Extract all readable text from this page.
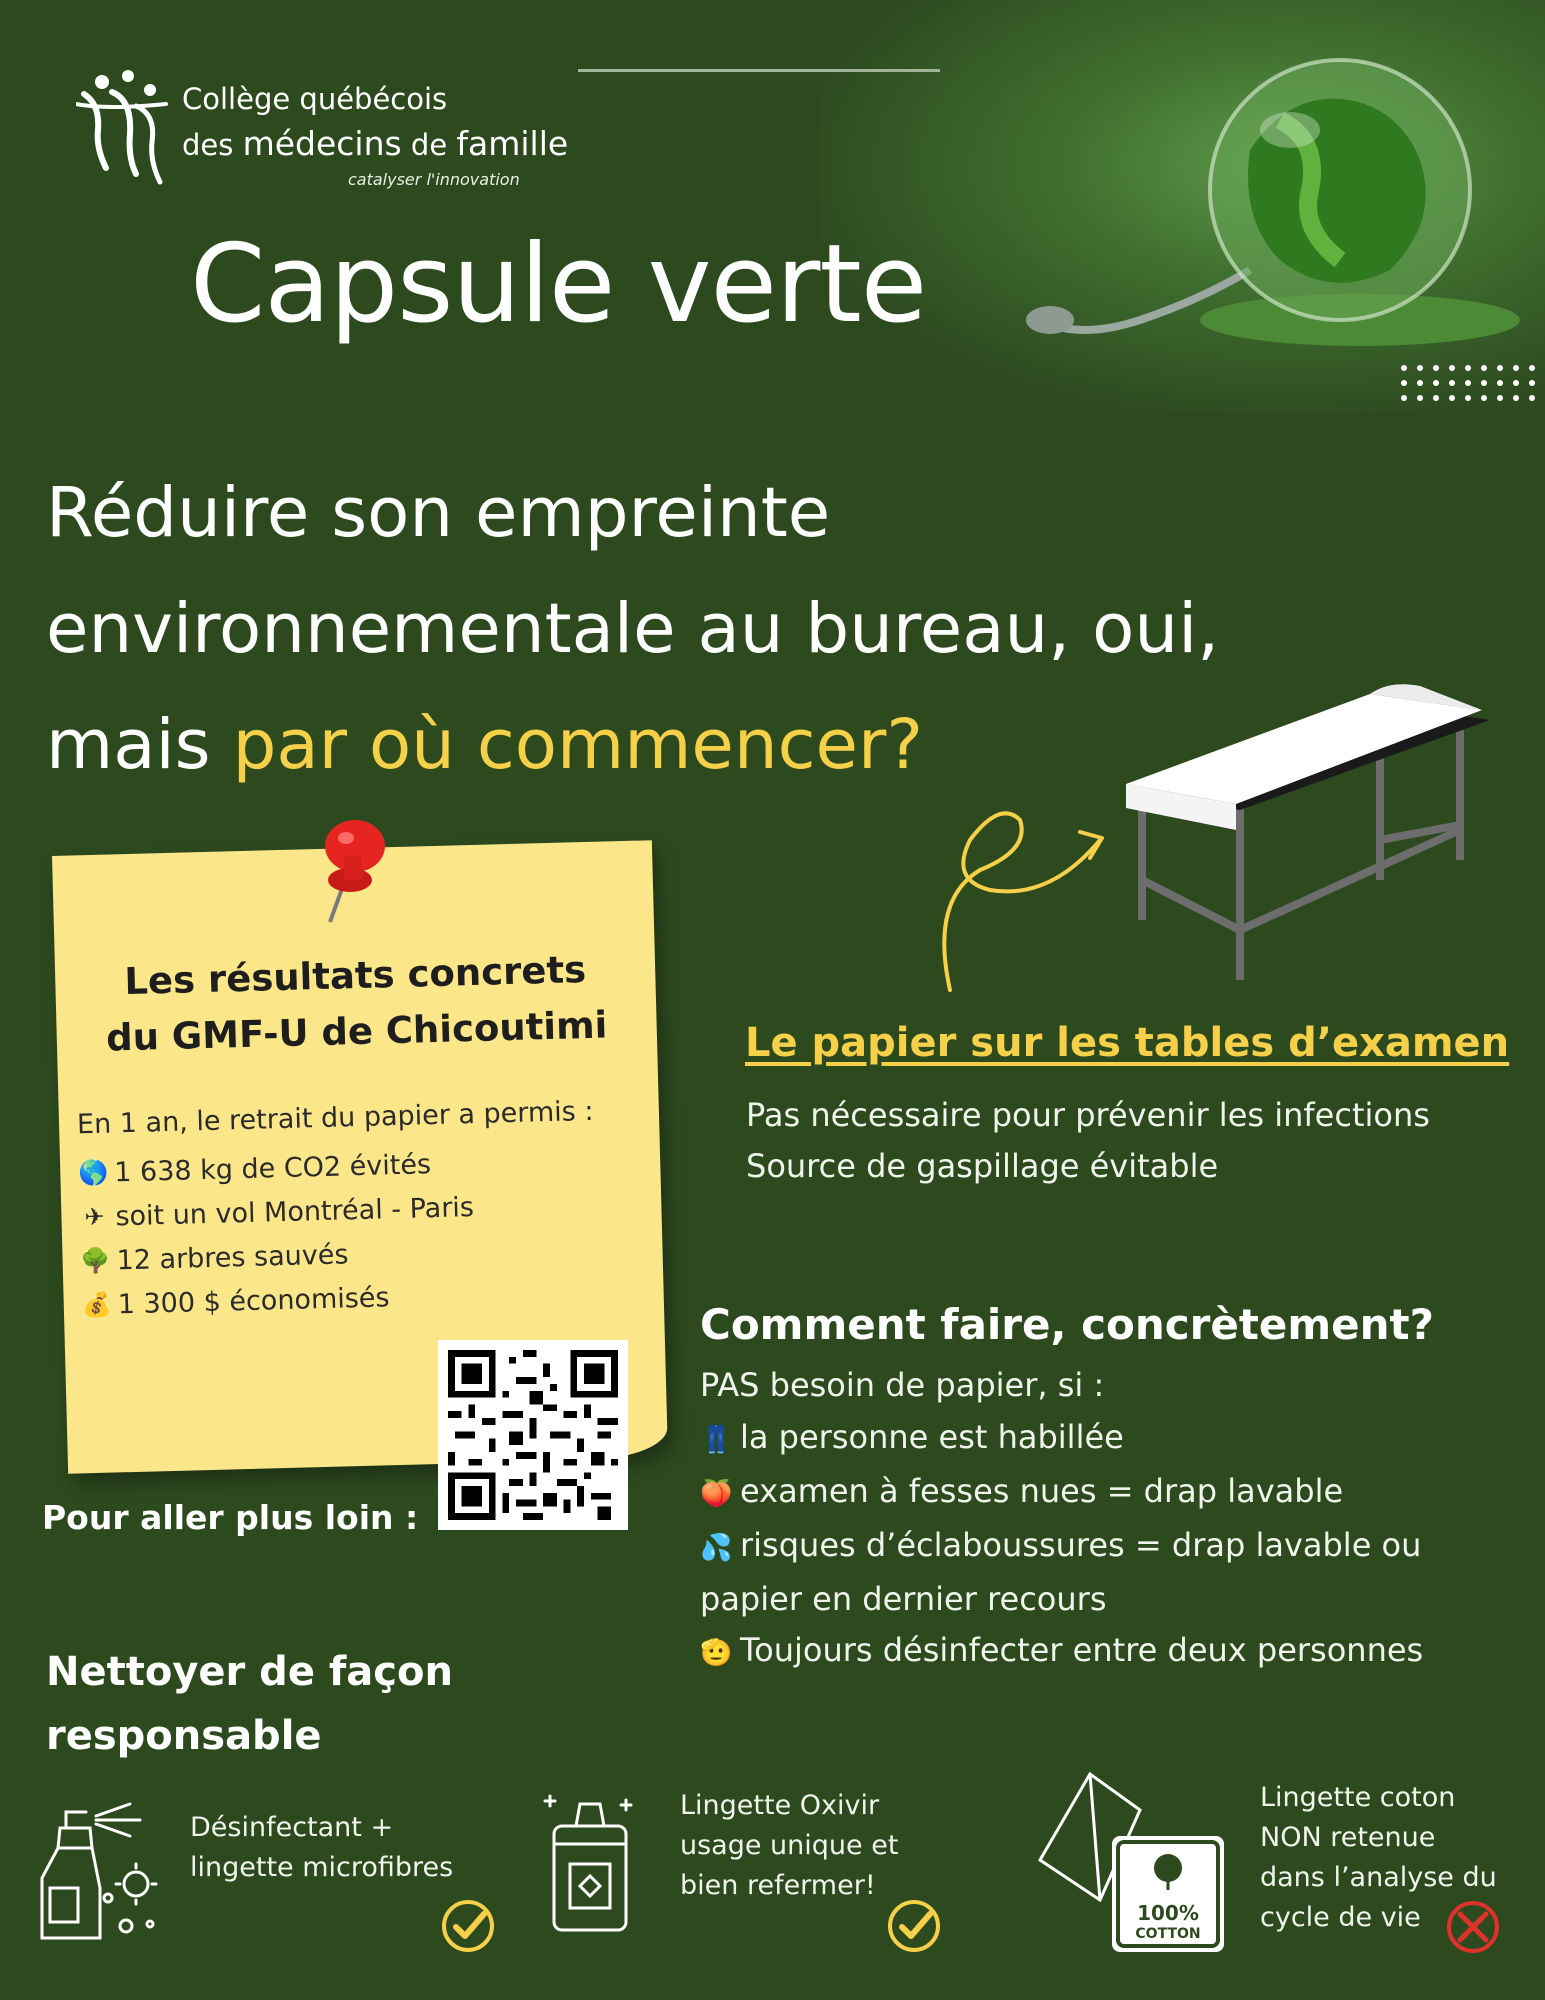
Collège québécois
des médecins de famille
catalyser l'innovation
Capsule verte
Réduire son empreinte
environnementale au bureau, oui,
mais par où commencer?
Les résultats concrets
du GMF-U de Chicoutimi
En 1 an, le retrait du papier a permis :
🌎 1 638 kg de CO2 évités
✈ soit un vol Montréal - Paris
🌳 12 arbres sauvés
💰 1 300 $ économisés
Pour aller plus loin :
Le papier sur les tables d’examen
Pas nécessaire pour prévenir les infections
Source de gaspillage évitable
Comment faire, concrètement?
PAS besoin de papier, si :
👖 la personne est habillée
🍑 examen à fesses nues = drap lavable
💦 risques d’éclaboussures = drap lavable ou papier en dernier recours
🫡 Toujours désinfecter entre deux personnes
Nettoyer de façon responsable
Désinfectant +
lingette microfibres
Lingette Oxivir
usage unique et
bien refermer!
100%
COTTON
Lingette coton
NON retenue
dans l’analyse du
cycle de vie
